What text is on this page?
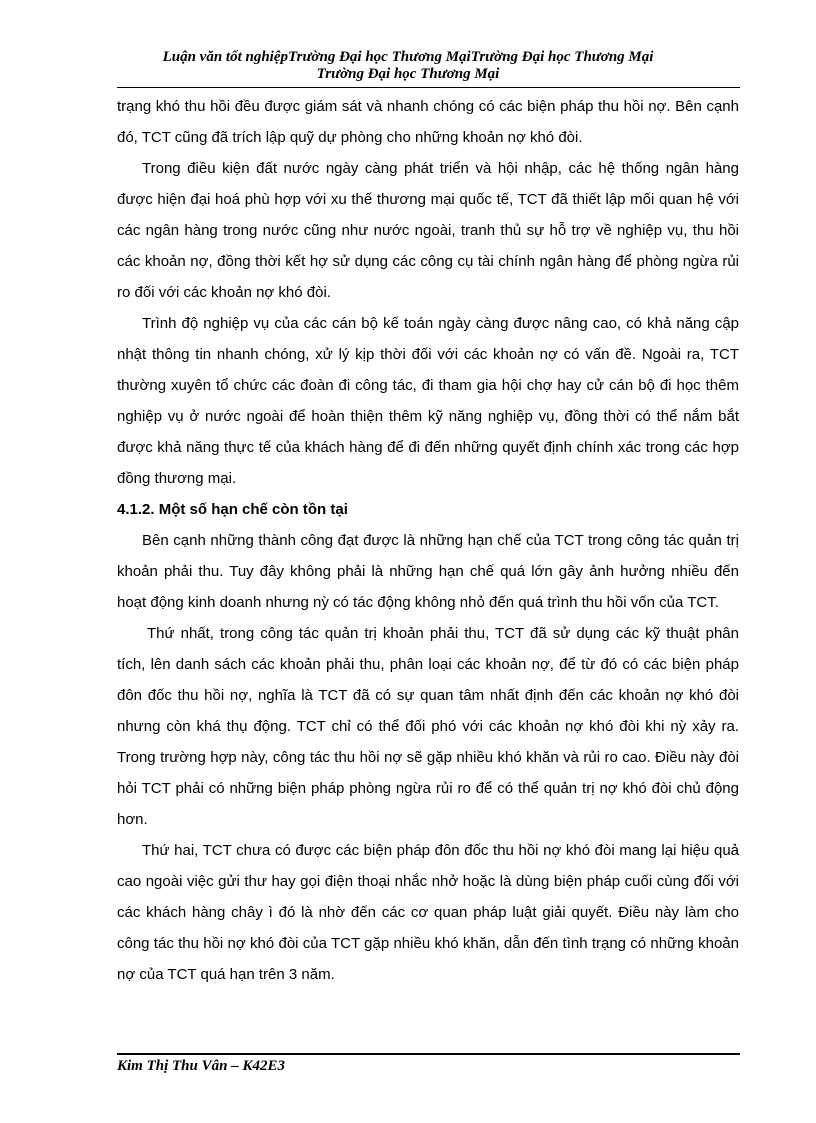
Luận văn tốt nghiệpTrường Đại học Thương MạiTrường Đại học Thương Mại
Trường Đại học Thương Mại

trạng khó thu hồi đều được giám sát và nhanh chóng có các biện pháp thu hồi nợ. Bên cạnh đó, TCT cũng đã trích lập quỹ dự phòng cho những khoản nợ khó đòi.

Trong điều kiện đất nước ngày càng phát triển và hội nhập, các hệ thống ngân hàng được hiện đại hoá phù hợp với xu thế thương mại quốc tế, TCT đã thiết lập mối quan hệ với các ngân hàng trong nước cũng như nước ngoài, tranh thủ sự hỗ trợ về nghiệp vụ, thu hồi các khoản nợ, đồng thời kết hợ sử dụng các công cụ tài chính ngân hàng để phòng ngừa rủi ro đối với các khoản nợ khó đòi.

Trình độ nghiệp vụ của các cán bộ kế toán ngày càng được nâng cao, có khả năng cập nhật thông tin nhanh chóng, xử lý kịp thời đối với các khoản nợ có vấn đề. Ngoài ra, TCT thường xuyên tổ chức các đoàn đi công tác, đi tham gia hội chợ hay cử cán bộ đi học thêm nghiệp vụ ở nước ngoài để hoàn thiện thêm kỹ năng nghiệp vụ, đồng thời có thể nắm bắt được khả năng thực tế của khách hàng để đi đến những quyết định chính xác trong các hợp đồng thương mại.

4.1.2. Một số hạn chế còn tồn tại

Bên cạnh những thành công đạt được là những hạn chế của TCT trong công tác quản trị khoản phải thu. Tuy đây không phải là những hạn chế quá lớn gây ảnh hưởng nhiều đến hoạt động kinh doanh nhưng nỳ có tác động không nhỏ đến quá trình thu hồi vốn của TCT.

Thứ nhất, trong công tác quản trị khoản phải thu, TCT đã sử dụng các kỹ thuật phân tích, lên danh sách các khoản phải thu, phân loại các khoản nợ, để từ đó có các biện pháp đôn đốc thu hồi nợ, nghĩa là TCT đã có sự quan tâm nhất định đến các khoản nợ khó đòi nhưng còn khá thụ động. TCT chỉ có thể đối phó với các khoản nợ khó đòi khi nỳ xảy ra. Trong trường hợp này, công tác thu hồi nợ sẽ gặp nhiều khó khăn và rủi ro cao. Điều này đòi hỏi TCT phải có những biện pháp phòng ngừa rủi ro để có thể quản trị nợ khó đòi chủ động hơn.

Thứ hai, TCT chưa có được các biện pháp đôn đốc thu hồi nợ khó đòi mang lại hiệu quả cao ngoài việc gửi thư hay gọi điện thoại nhắc nhở hoặc là dùng biện pháp cuối cùng đối với các khách hàng chây ì đó là nhờ đến các cơ quan pháp luật giải quyết. Điều này làm cho công tác thu hồi nợ khó đòi của TCT gặp nhiều khó khăn, dẫn đến tình trạng có những khoản nợ của TCT quá hạn trên 3 năm.

Kim Thị Thu Vân – K42E3
